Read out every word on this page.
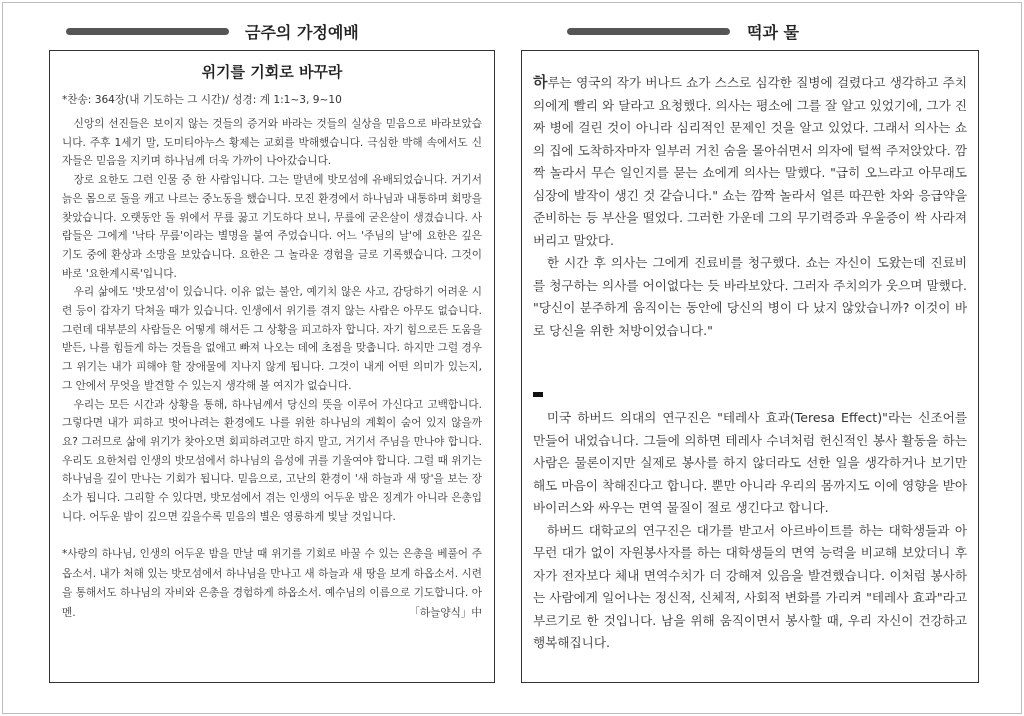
금주의 가정예배	떡과 물
위기를 기회로 바꾸라

*찬송: 364장(내 기도하는 그 시간)/ 성경: 계 1:1~3, 9~10

신앙의 선진들은 보이지 않는 것들의 증거와 바라는 것들의 실상을 믿음으로 바라보았습니다. 주후 1세기 말, 도미티아누스 황제는 교회를 박해했습니다. 극심한 박해 속에서도 신자들은 믿음을 지키며 하나님께 더욱 가까이 나아갔습니다.

장로 요한도 그런 인물 중 한 사람입니다. 그는 말년에 밧모섬에 유배되었습니다. 거기서 늙은 몸으로 돌을 캐고 나르는 중노동을 했습니다. 모진 환경에서 하나님과 내통하며 회망을 찾았습니다. 오랫동안 돌 위에서 무릎 꿇고 기도하다 보니, 무릎에 굳은살이 생겼습니다. 사람들은 그에게 '낙타 무릎'이라는 별명을 붙여 주었습니다. 어느 '주님의 날'에 요한은 깊은 기도 중에 환상과 소망을 보았습니다. 요한은 그 놀라운 경험을 글로 기록했습니다. 그것이 바로 '요한계시록'입니다.

우리 삶에도 '밧모섬'이 있습니다. 이유 없는 불안, 예기치 않은 사고, 감당하기 어려운 시련 등이 갑자기 닥쳐올 때가 있습니다. 인생에서 위기를 겪지 않는 사람은 아무도 없습니다. 그런데 대부분의 사람들은 어떻게 해서든 그 상황을 피고하자 합니다. 자기 힘으로든 도움을 받든, 나를 힘들게 하는 것들을 없애고 빠져 나오는 데에 초점을 맞춥니다. 하지만 그럴 경우 그 위기는 내가 피해야 할 장애물에 지나지 않게 됩니다. 그것이 내게 어떤 의미가 있는지, 그 안에서 무엇을 발견할 수 있는지 생각해 볼 여지가 없습니다.

우리는 모든 시간과 상황을 통해, 하나님께서 당신의 뜻을 이루어 가신다고 고백합니다. 그렇다면 내가 피하고 벗어나려는 환경에도 나를 위한 하나님의 계획이 숨어 있지 않을까요? 그러므로 삶에 위기가 찾아오면 회피하려고만 하지 말고, 거기서 주님을 만나야 합니다. 우리도 요한처럼 인생의 밧모섬에서 하나님의 음성에 귀를 기울여야 합니다. 그럴 때 위기는 하나님을 깊이 만나는 기회가 됩니다. 믿음으로, 고난의 환경이 '새 하늘과 새 땅'을 보는 장소가 됩니다. 그리할 수 있다면, 밧모섬에서 겪는 인생의 어두운 밤은 징계가 아니라 은총입니다. 어두운 밤이 깊으면 깊을수록 믿음의 별은 영롱하게 빛날 것입니다.

*사랑의 하나님, 인생의 어두운 밤을 만날 때 위기를 기회로 바꿀 수 있는 은총을 베풀어 주옵소서. 내가 처해 있는 밧모섬에서 하나님을 만나고 새 하늘과 새 땅을 보게 하옵소서. 시련을 통해서도 하나님의 자비와 은총을 경험하게 하옵소서. 예수님의 이름으로 기도합니다. 아멘.	「하늘양식」中

하루는 영국의 작가 버나드 쇼가 스스로 심각한 질병에 걸렸다고 생각하고 주치의에게 빨리 와 달라고 요청했다. 의사는 평소에 그를 잘 알고 있었기에, 그가 진짜 병에 걸린 것이 아니라 심리적인 문제인 것을 알고 있었다. 그래서 의사는 쇼의 집에 도착하자마자 일부러 거친 숨을 몰아쉬면서 의자에 털썩 주저앉았다. 깜짝 놀라서 무슨 일인지를 묻는 쇼에게 의사는 말했다. "급히 오느라고 아무래도 심장에 발작이 생긴 것 같습니다." 쇼는 깜짝 놀라서 얼른 따끈한 차와 응급약을 준비하는 등 부산을 떨었다. 그러한 가운데 그의 무기력증과 우울증이 싹 사라져버리고 말았다.

한 시간 후 의사는 그에게 진료비를 청구했다. 쇼는 자신이 도왔는데 진료비를 청구하는 의사를 어이없다는 듯 바라보았다. 그러자 주치의가 웃으며 말했다. "당신이 분주하게 움직이는 동안에 당신의 병이 다 났지 않았습니까? 이것이 바로 당신을 위한 처방이었습니다."

미국 하버드 의대의 연구진은 "테레사 효과(Teresa Effect)"라는 신조어를 만들어 내었습니다. 그들에 의하면 테레사 수녀처럼 헌신적인 봉사 활동을 하는 사람은 물론이지만 실제로 봉사를 하지 않더라도 선한 일을 생각하거나 보기만 해도 마음이 착해진다고 합니다. 뿐만 아니라 우리의 몸까지도 이에 영향을 받아 바이러스와 싸우는 면역 물질이 절로 생긴다고 합니다.

하버드 대학교의 연구진은 대가를 받고서 아르바이트를 하는 대학생들과 아무런 대가 없이 자원봉사자를 하는 대학생들의 면역 능력을 비교해 보았더니 후자가 전자보다 체내 면역수치가 더 강해져 있음을 발견했습니다. 이처럼 봉사하는 사람에게 일어나는 정신적, 신체적, 사회적 변화를 가리켜 "테레사 효과"라고 부르기로 한 것입니다. 남을 위해 움직이면서 봉사할 때, 우리 자신이 건강하고 행복해집니다.
